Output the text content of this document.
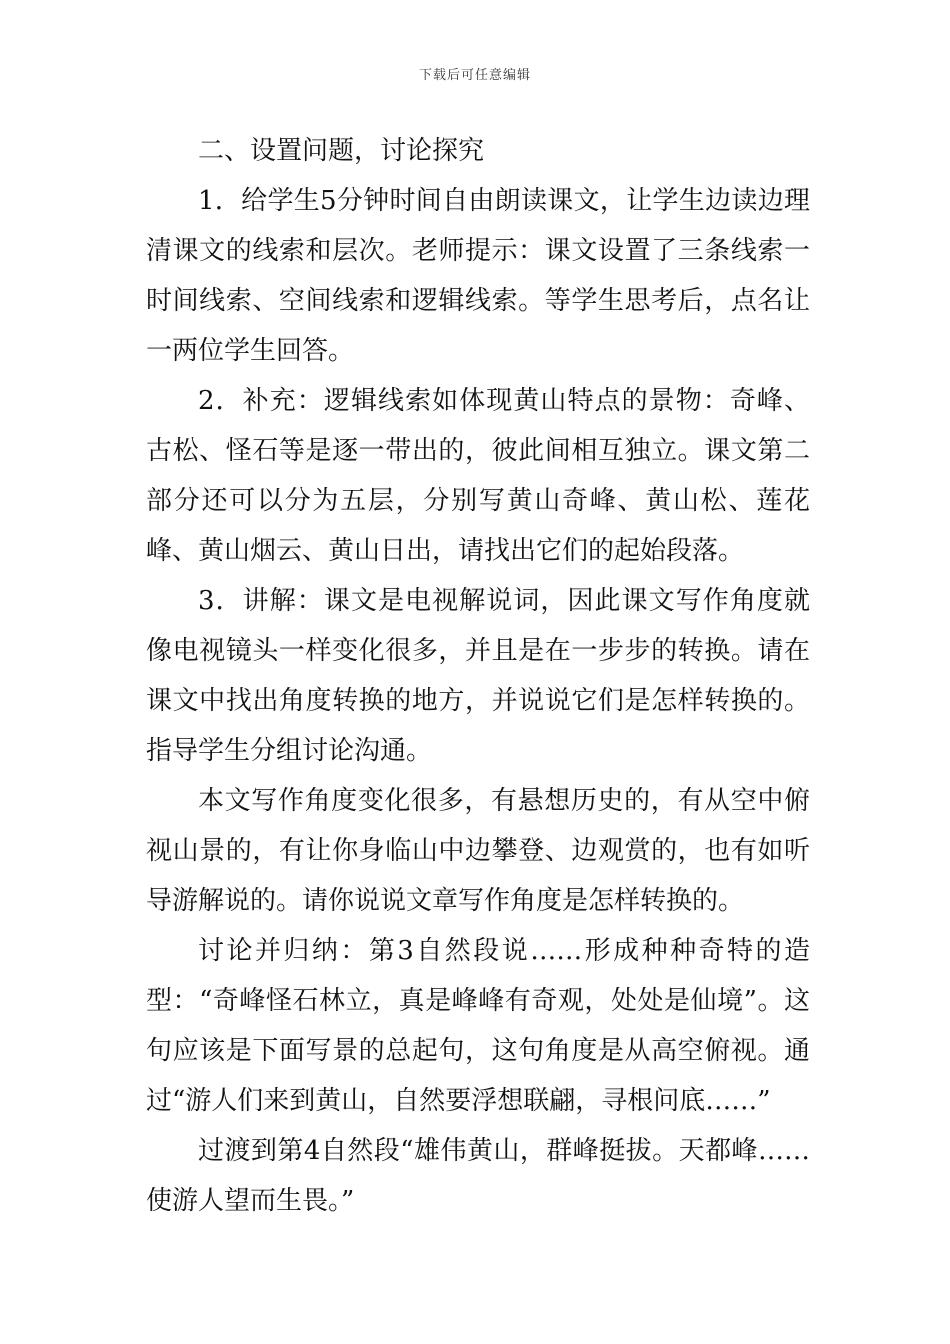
下载后可任意编辑

二、设置问题，讨论探究

1．给学生5分钟时间自由朗读课文，让学生边读边理清课文的线索和层次。老师提示：课文设置了三条线索一时间线索、空间线索和逻辑线索。等学生思考后，点名让一两位学生回答。

2．补充：逻辑线索如体现黄山特点的景物：奇峰、古松、怪石等是逐一带出的，彼此间相互独立。课文第二部分还可以分为五层，分别写黄山奇峰、黄山松、莲花峰、黄山烟云、黄山日出，请找出它们的起始段落。

3．讲解：课文是电视解说词，因此课文写作角度就像电视镜头一样变化很多，并且是在一步步的转换。请在课文中找出角度转换的地方，并说说它们是怎样转换的。指导学生分组讨论沟通。

本文写作角度变化很多，有悬想历史的，有从空中俯视山景的，有让你身临山中边攀登、边观赏的，也有如听导游解说的。请你说说文章写作角度是怎样转换的。

讨论并归纳：第3自然段说……形成种种奇特的造型：“奇峰怪石林立，真是峰峰有奇观，处处是仙境”。这句应该是下面写景的总起句，这句角度是从高空俯视。通过“游人们来到黄山，自然要浮想联翩，寻根问底……”

过渡到第4自然段“雄伟黄山，群峰挺拔。天都峰……使游人望而生畏。”
